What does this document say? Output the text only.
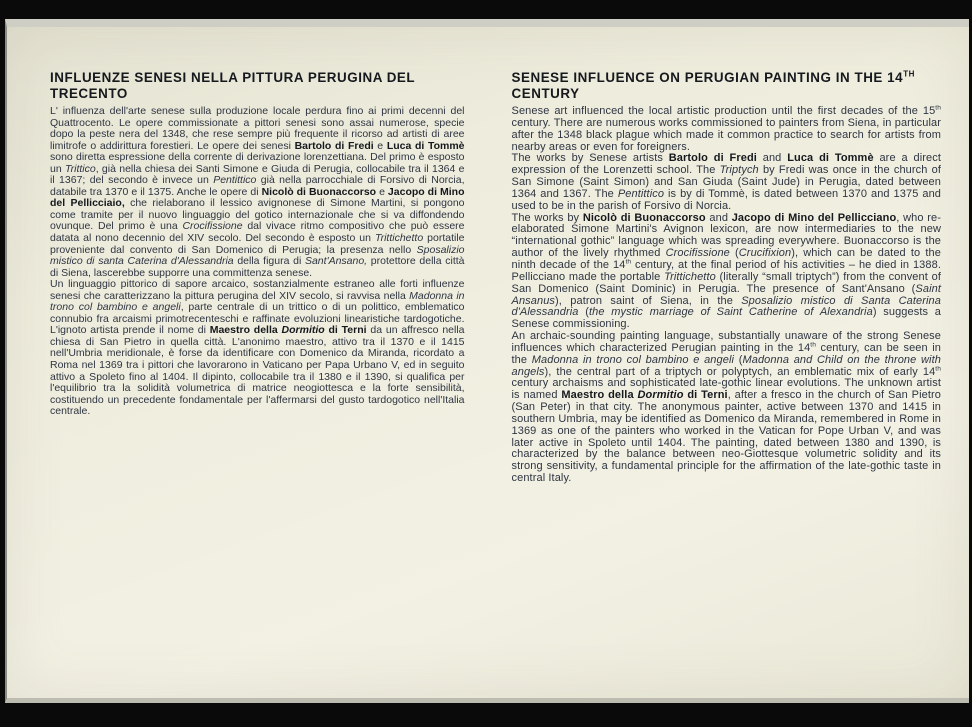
INFLUENZE SENESI NELLA PITTURA PERUGINA DEL TRECENTO

L' influenza dell'arte senese sulla produzione locale perdura fino ai primi decenni del Quattrocento. Le opere commissionate a pittori senesi sono assai numerose, specie dopo la peste nera del 1348, che rese sempre più frequente il ricorso ad artisti di aree limitrofe o addirittura forestieri. Le opere dei senesi Bartolo di Fredi e Luca di Tommè sono diretta espressione della corrente di derivazione lorenzettiana. Del primo è esposto un Trittico, già nella chiesa dei Santi Simone e Giuda di Perugia, collocabile tra il 1364 e il 1367; del secondo è invece un Pentittico già nella parrocchiale di Forsivo di Norcia, databile tra 1370 e il 1375. Anche le opere di Nicolò di Buonaccorso e Jacopo di Mino del Pellicciaio, che rielaborano il lessico avignonese di Simone Martini, si pongono come tramite per il nuovo linguaggio del gotico internazionale che si va diffondendo ovunque. Del primo è una Crocifissione dal vivace ritmo compositivo che può essere datata al nono decennio del XIV secolo. Del secondo è esposto un Trittichetto portatile proveniente dal convento di San Domenico di Perugia; la presenza nello Sposalizio mistico di santa Caterina d'Alessandria della figura di Sant'Ansano, protettore della città di Siena, lascerebbe supporre una committenza senese.

Un linguaggio pittorico di sapore arcaico, sostanzialmente estraneo alle forti influenze senesi che caratterizzano la pittura perugina del XIV secolo, si ravvisa nella Madonna in trono col bambino e angeli, parte centrale di un trittico o di un polittico, emblematico connubio fra arcaismi primotrecenteschi e raffinate evoluzioni linearistiche tardogotiche. L'ignoto artista prende il nome di Maestro della Dormitio di Terni da un affresco nella chiesa di San Pietro in quella città. L'anonimo maestro, attivo tra il 1370 e il 1415 nell'Umbria meridionale, è forse da identificare con Domenico da Miranda, ricordato a Roma nel 1369 tra i pittori che lavorarono in Vaticano per Papa Urbano V, ed in seguito attivo a Spoleto fino al 1404. Il dipinto, collocabile tra il 1380 e il 1390, si qualifica per l'equilibrio tra la solidità volumetrica di matrice neogiottesca e la forte sensibilità, costituendo un precedente fondamentale per l'affermarsi del gusto tardogotico nell'Italia centrale.

SENESE INFLUENCE ON PERUGIAN PAINTING IN THE 14TH CENTURY

Senese art influenced the local artistic production until the first decades of the 15th century. There are numerous works commissioned to painters from Siena, in particular after the 1348 black plague which made it common practice to search for artists from nearby areas or even for foreigners.

The works by Senese artists Bartolo di Fredi and Luca di Tommè are a direct expression of the Lorenzetti school. The Triptych by Fredi was once in the church of San Simone (Saint Simon) and San Giuda (Saint Jude) in Perugia, dated between 1364 and 1367. The Pentittico is by di Tommè, is dated between 1370 and 1375 and used to be in the parish of Forsivo di Norcia.

The works by Nicolò di Buonaccorso and Jacopo di Mino del Pellicciano, who re-elaborated Simone Martini's Avignon lexicon, are now intermediaries to the new “international gothic” language which was spreading everywhere. Buonaccorso is the author of the lively rhythmed Crocifissione (Crucifixion), which can be dated to the ninth decade of the 14th century, at the final period of his activities – he died in 1388. Pellicciano made the portable Trittichetto (literally “small triptych”) from the convent of San Domenico (Saint Dominic) in Perugia. The presence of Sant'Ansano (Saint Ansanus), patron saint of Siena, in the Sposalizio mistico di Santa Caterina d'Alessandria (the mystic marriage of Saint Catherine of Alexandria) suggests a Senese commissioning.

An archaic-sounding painting language, substantially unaware of the strong Senese influences which characterized Perugian painting in the 14th century, can be seen in the Madonna in trono col bambino e angeli (Madonna and Child on the throne with angels), the central part of a triptych or polyptych, an emblematic mix of early 14th century archaisms and sophisticated late-gothic linear evolutions. The unknown artist is named Maestro della Dormitio di Terni, after a fresco in the church of San Pietro (San Peter) in that city. The anonymous painter, active between 1370 and 1415 in southern Umbria, may be identified as Domenico da Miranda, remembered in Rome in 1369 as one of the painters who worked in the Vatican for Pope Urban V, and was later active in Spoleto until 1404. The painting, dated between 1380 and 1390, is characterized by the balance between neo-Giottesque volumetric solidity and its strong sensitivity, a fundamental principle for the affirmation of the late-gothic taste in central Italy.
